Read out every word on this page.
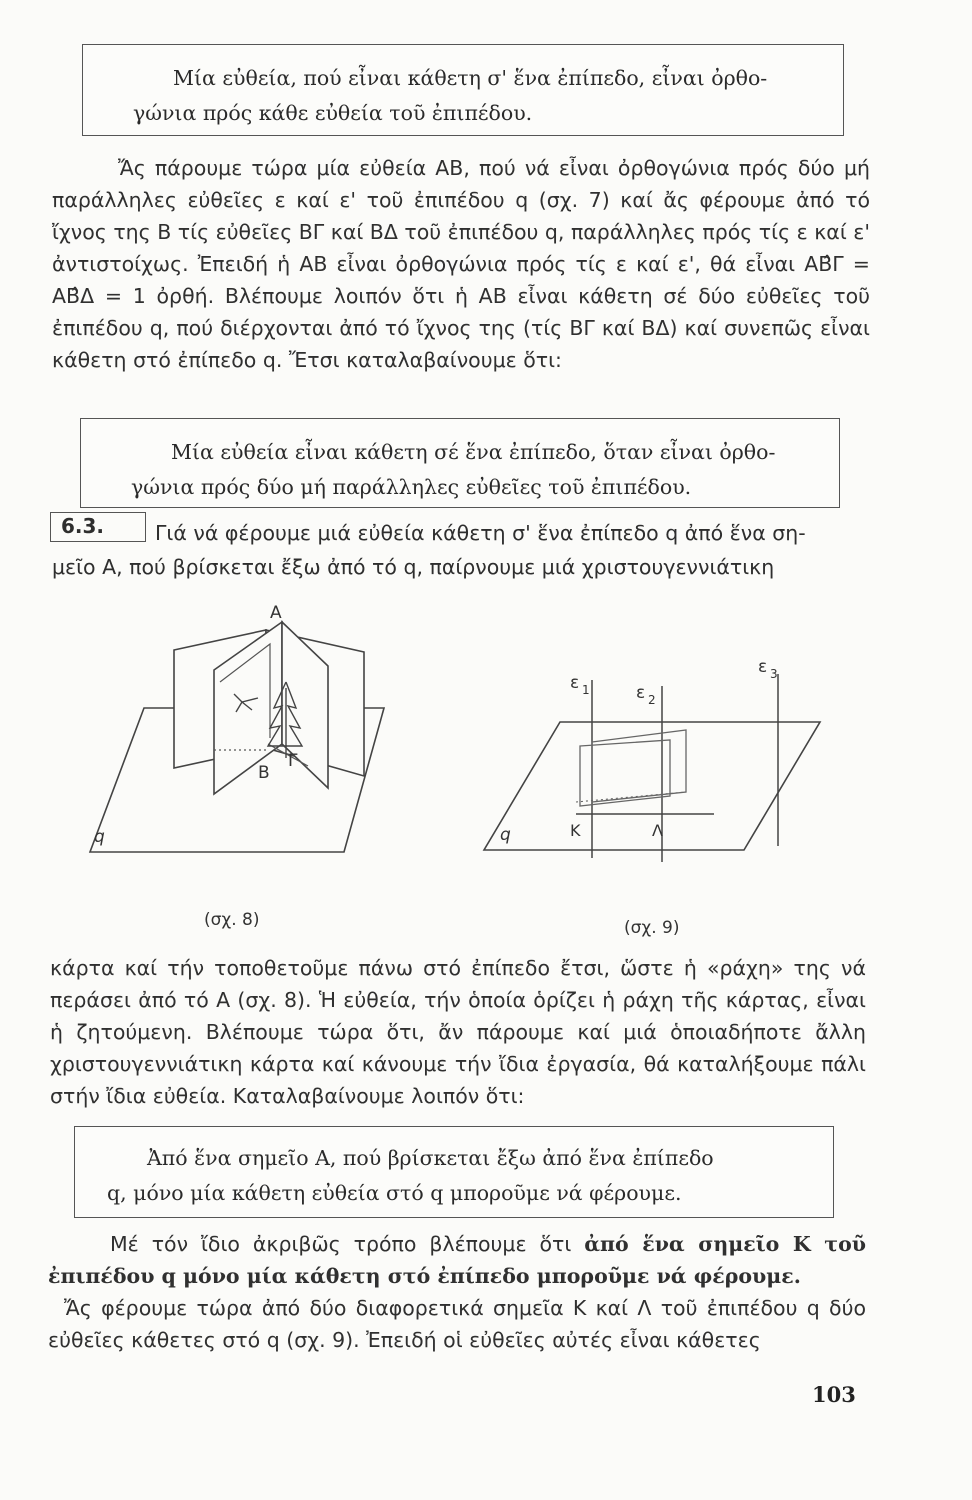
Μία εὐθεία, πού εἶναι κάθετη σ' ἕνα ἐπίπεδο, εἶναι ὀρθο-

γώνια πρός κάθε εὐθεία τοῦ ἐπιπέδου.

Ἄς πάρουμε τώρα μία εὐθεία ΑΒ, πού νά εἶναι ὀρθογώνια πρός δύο μή παράλληλες εὐθεῖες ε καί ε' τοῦ ἐπιπέδου q (σχ. 7) καί ἄς φέρουμε ἀπό τό ἴχνος της Β τίς εὐθεῖες ΒΓ καί ΒΔ τοῦ ἐπιπέδου q, παράλληλες πρός τίς ε καί ε' ἀντιστοίχως. Ἐπειδή ἡ ΑΒ εἶναι ὀρθογώνια πρός τίς ε καί ε', θά εἶναι ΑΒ̂Γ = ΑΒ̂Δ = 1 ὀρθή. Βλέπουμε λοιπόν ὅτι ἡ ΑΒ εἶναι κάθετη σέ δύο εὐθεῖες τοῦ ἐπιπέδου q, πού διέρχονται ἀπό τό ἴχνος της (τίς ΒΓ καί ΒΔ) καί συνεπῶς εἶναι κάθετη στό ἐπίπεδο q. Ἔτσι καταλαβαίνουμε ὅτι:

Μία εὐθεία εἶναι κάθετη σέ ἕνα ἐπίπεδο, ὅταν εἶναι ὀρθο-

γώνια πρός δύο μή παράλληλες εὐθεῖες τοῦ ἐπιπέδου.

6.3.	Γιά νά φέρουμε μιά εὐθεία κάθετη σ' ἕνα ἐπίπεδο q ἀπό ἕνα ση-
μεῖο Α, πού βρίσκεται ἔξω ἀπό τό q, παίρνουμε μιά χριστουγεννιάτικη
Α
Β
Γ
q
(σχ. 8)
ε 1	ε 2
ε 3
Κ	Λ
q
(σχ. 9)

κάρτα καί τήν τοποθετοῦμε πάνω στό ἐπίπεδο ἔτσι, ὥστε ἡ «ράχη» της νά περάσει ἀπό τό Α (σχ. 8). Ἡ εὐθεία, τήν ὁποία ὁρίζει ἡ ράχη τῆς κάρτας, εἶναι ἡ ζητούμενη. Βλέπουμε τώρα ὅτι, ἄν πάρουμε καί μιά ὁποιαδήποτε ἄλλη χριστουγεννιάτικη κάρτα καί κάνουμε τήν ἴδια ἐργασία, θά καταλήξουμε πάλι στήν ἴδια εὐθεία. Καταλαβαίνουμε λοιπόν ὅτι:

Ἀπό ἕνα σημεῖο Α, πού βρίσκεται ἔξω ἀπό ἕνα ἐπίπεδο

q, μόνο μία κάθετη εὐθεία στό q μποροῦμε νά φέρουμε.

Μέ τόν ἴδιο ἀκριβῶς τρόπο βλέπουμε ὅτι ἀπό ἕνα σημεῖο Κ τοῦ ἐπιπέδου q μόνο μία κάθετη στό ἐπίπεδο μποροῦμε νά φέρουμε.

Ἄς φέρουμε τώρα ἀπό δύο διαφορετικά σημεῖα Κ καί Λ τοῦ ἐπιπέδου q δύο εὐθεῖες κάθετες στό q (σχ. 9). Ἐπειδή οἱ εὐθεῖες αὐτές εἶναι κάθετες

103
